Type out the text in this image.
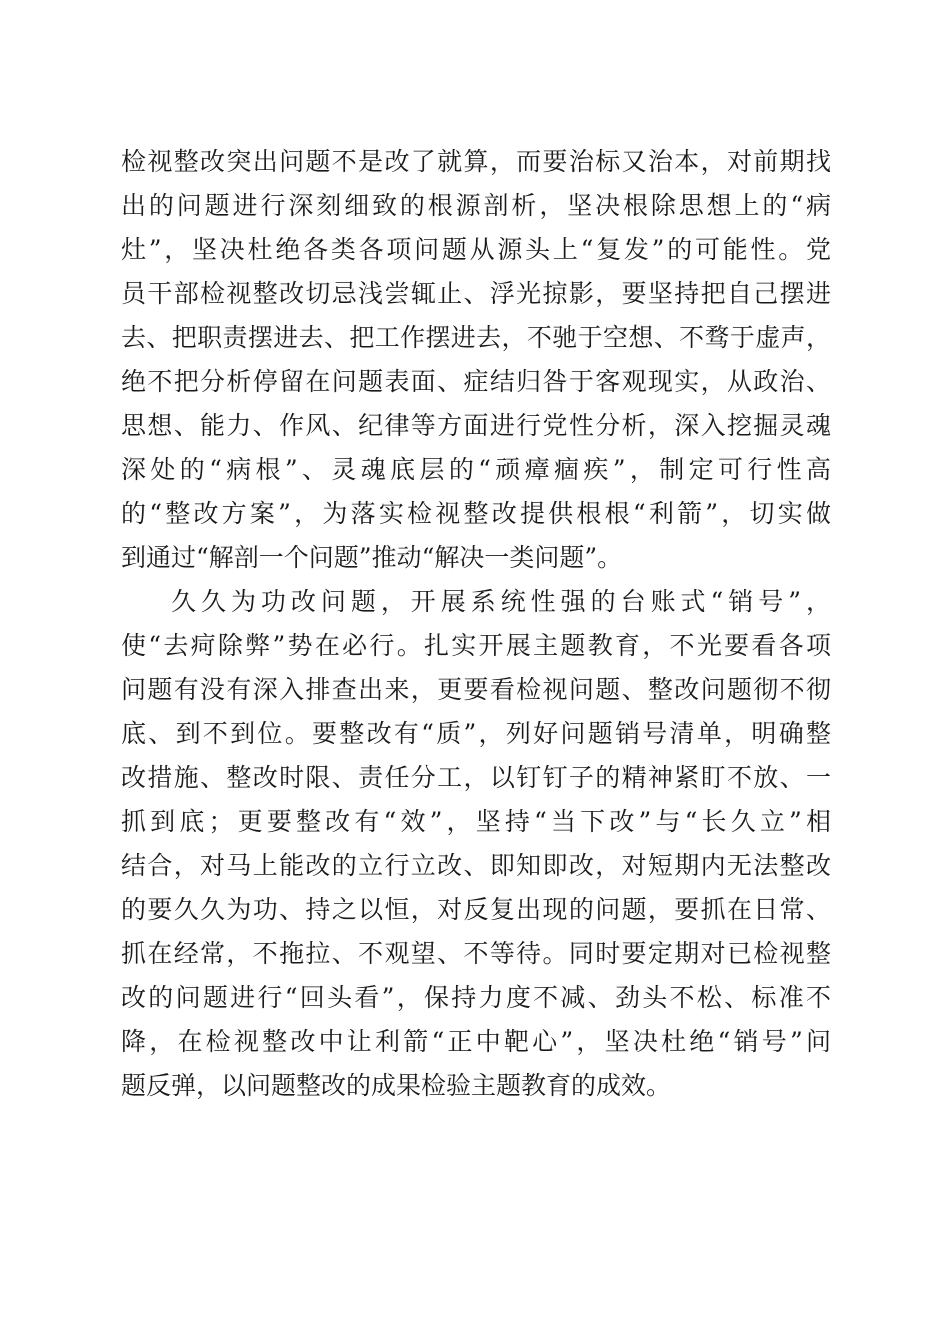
检视整改突出问题不是改了就算，而要治标又治本，对前期找
出的问题进行深刻细致的根源剖析，坚决根除思想上的“病
灶”，坚决杜绝各类各项问题从源头上“复发”的可能性。党
员干部检视整改切忌浅尝辄止、浮光掠影，要坚持把自己摆进
去、把职责摆进去、把工作摆进去，不驰于空想、不骛于虚声，
绝不把分析停留在问题表面、症结归咎于客观现实，从政治、
思想、能力、作风、纪律等方面进行党性分析，深入挖掘灵魂
深处的“病根”、灵魂底层的“顽瘴痼疾”，制定可行性高
的“整改方案”，为落实检视整改提供根根“利箭”，切实做
到通过“解剖一个问题”推动“解决一类问题”。
久久为功改问题，开展系统性强的台账式“销号”，
使“去疴除弊”势在必行。扎实开展主题教育，不光要看各项
问题有没有深入排查出来，更要看检视问题、整改问题彻不彻
底、到不到位。要整改有“质”，列好问题销号清单，明确整
改措施、整改时限、责任分工，以钉钉子的精神紧盯不放、一
抓到底；更要整改有“效”，坚持“当下改”与“长久立”相
结合，对马上能改的立行立改、即知即改，对短期内无法整改
的要久久为功、持之以恒，对反复出现的问题，要抓在日常、
抓在经常，不拖拉、不观望、不等待。同时要定期对已检视整
改的问题进行“回头看”，保持力度不减、劲头不松、标准不
降，在检视整改中让利箭“正中靶心”，坚决杜绝“销号”问
题反弹，以问题整改的成果检验主题教育的成效。
